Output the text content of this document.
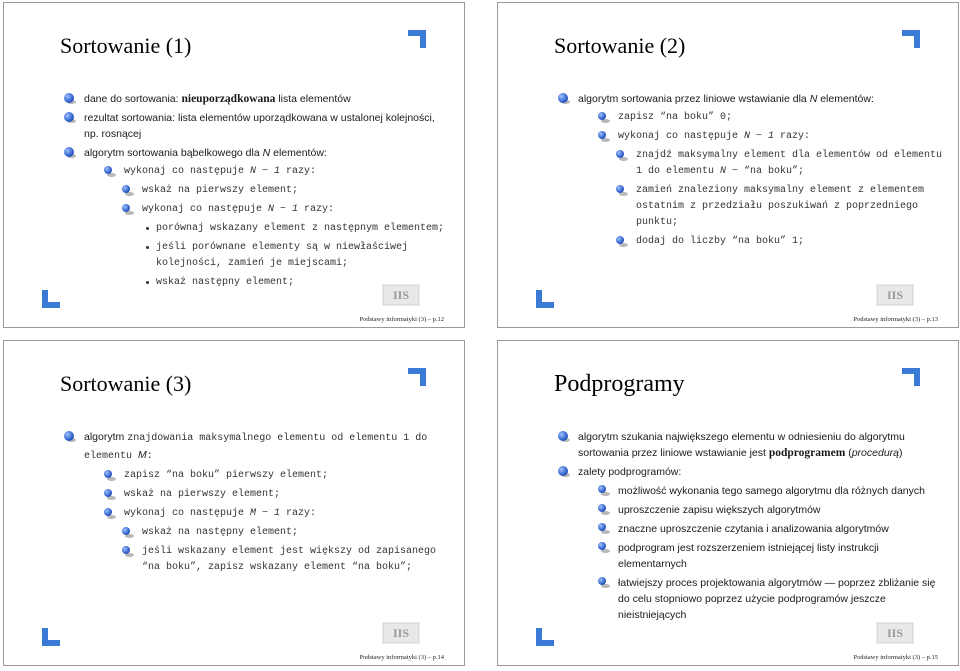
Sortowanie (1)
dane do sortowania: nieuporządkowana lista elementów
rezultat sortowania: lista elementów uporządkowana w ustalonej kolejności, np. rosnącej
algorytm sortowania bąbelkowego dla N elementów:
wykonaj co następuje N − 1 razy:
wskaż na pierwszy element;
wykonaj co następuje N − 1 razy:
porównaj wskazany element z następnym elementem;
jeśli porównane elementy są w niewłaściwej kolejności, zamień je miejscami;
wskaż następny element;
IIS
Podstawy informatyki (3) – p.12
Sortowanie (2)
algorytm sortowania przez liniowe wstawianie dla N elementów:
zapisz “na boku” 0;
wykonaj co następuje N − 1 razy:
znajdź maksymalny element dla elementów od elementu 1 do elementu N − “na boku”;
zamień znaleziony maksymalny element z elementem ostatnim z przedziału poszukiwań z poprzedniego punktu;
dodaj do liczby “na boku” 1;
IIS
Podstawy informatyki (3) – p.13
Sortowanie (3)
algorytm znajdowania maksymalnego elementu od elementu 1 do elementu M:
zapisz “na boku” pierwszy element;
wskaż na pierwszy element;
wykonaj co następuje M − 1 razy:
wskaż na następny element;
jeśli wskazany element jest większy od zapisanego “na boku”, zapisz wskazany element “na boku”;
IIS
Podstawy informatyki (3) – p.14
Podprogramy
algorytm szukania największego elementu w odniesieniu do algorytmu sortowania przez liniowe wstawianie jest podprogramem (procedurą)
zalety podprogramów:
możliwość wykonania tego samego algorytmu dla różnych danych
uproszczenie zapisu większych algorytmów
znaczne uproszczenie czytania i analizowania algorytmów
podprogram jest rozszerzeniem istniejącej listy instrukcji elementarnych
łatwiejszy proces projektowania algorytmów — poprzez zbliżanie się do celu stopniowo poprzez użycie podprogramów jeszcze nieistniejących
IIS
Podstawy informatyki (3) – p.15
